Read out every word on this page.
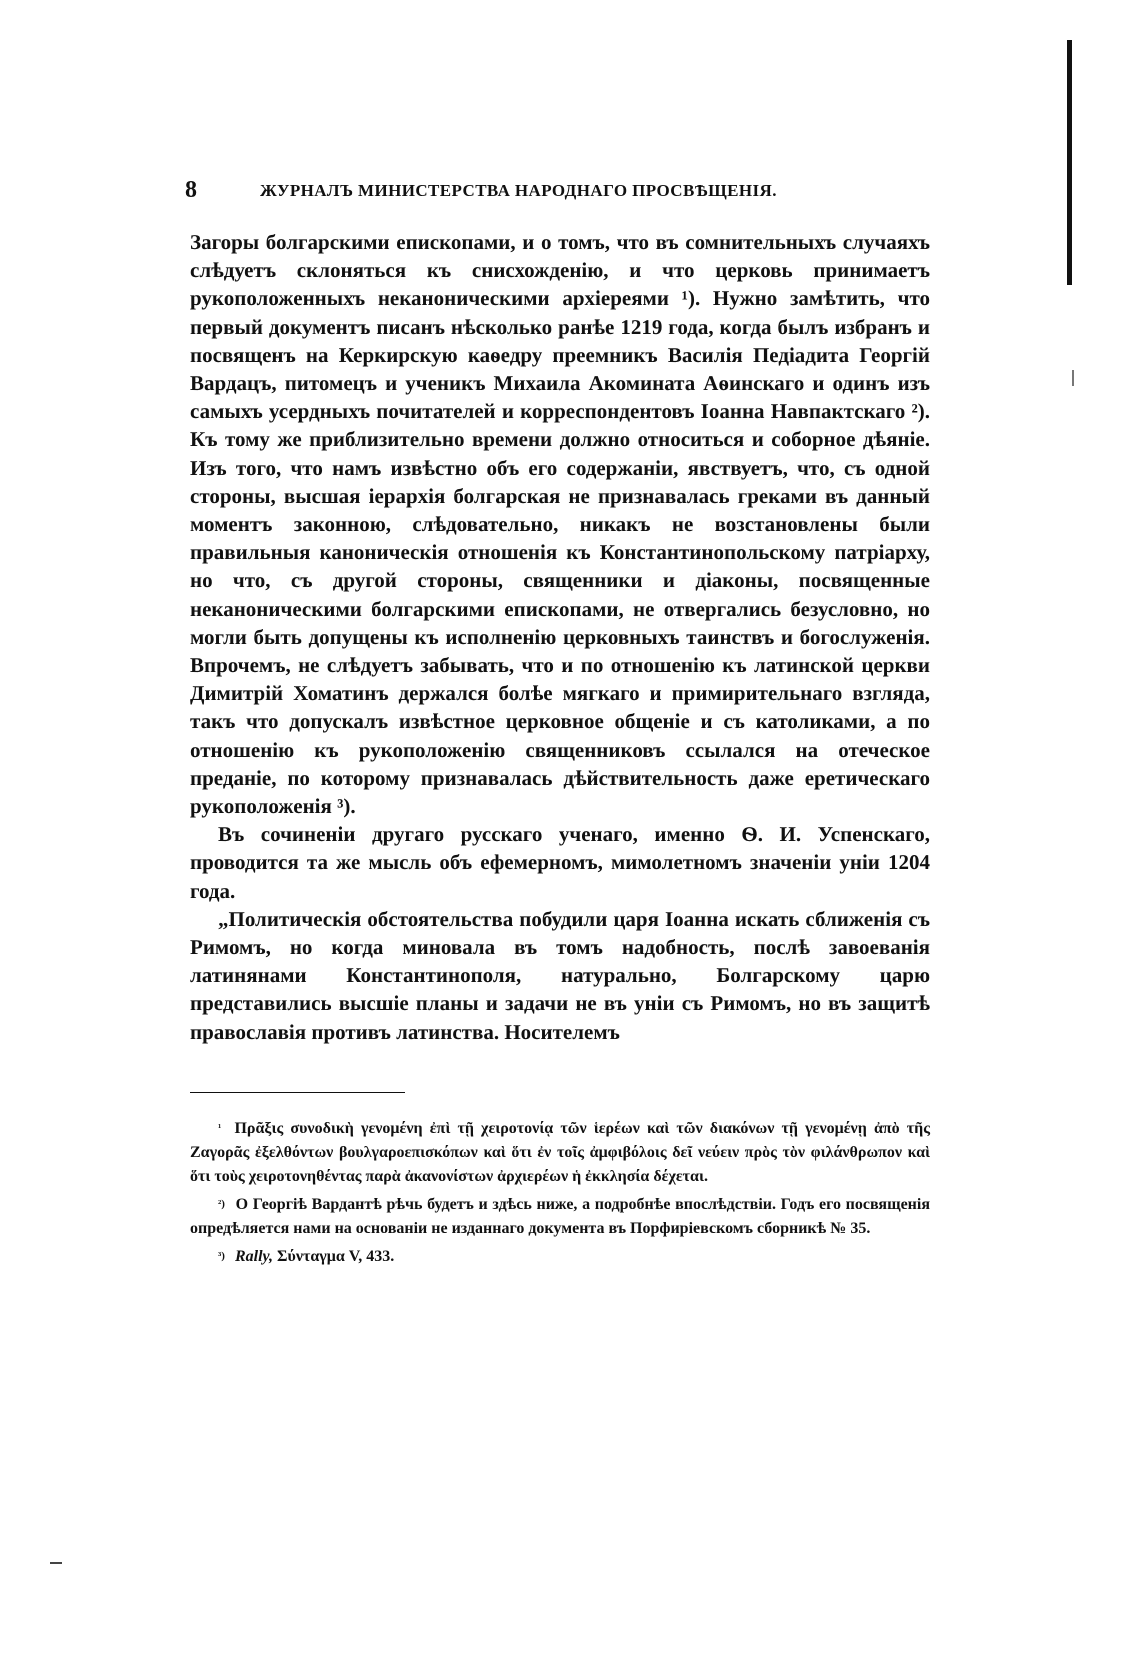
8	ЖУРНАЛЪ МИНИСТЕРСТВА НАРОДНАГО ПРОСВѢЩЕНІЯ.

Загоры болгарскими епископами, и о томъ, что въ сомнительныхъ случаяхъ слѣдуетъ склоняться къ снисхожденію, и что церковь принимаетъ рукоположенныхъ неканоническими архіереями ¹). Нужно замѣтить, что первый документъ писанъ нѣсколько ранѣе 1219 года, когда былъ избранъ и посвященъ на Керкирскую каѳедру преемникъ Василія Педіадита Георгій Вардацъ, питомецъ и ученикъ Михаила Акомината Аѳинскаго и одинъ изъ самыхъ усердныхъ почитателей и корреспондентовъ Іоанна Навпактскаго ²). Къ тому же приблизительно времени должно относиться и соборное дѣяніе. Изъ того, что намъ извѣстно объ его содержаніи, явствуетъ, что, съ одной стороны, высшая іерархія болгарская не признавалась греками въ данный моментъ законною, слѣдовательно, никакъ не возстановлены были правильныя каноническія отношенія къ Константинопольскому патріарху, но что, съ другой стороны, священники и діаконы, посвященные неканоническими болгарскими епископами, не отвергались безусловно, но могли быть допущены къ исполненію церковныхъ таинствъ и богослуженія. Впрочемъ, не слѣдуетъ забывать, что и по отношенію къ латинской церкви Димитрій Хоматинъ держался болѣе мягкаго и примирительнаго взгляда, такъ что допускалъ извѣстное церковное общеніе и съ католиками, а по отношенію къ рукоположенію священниковъ ссылался на отеческое преданіе, по которому признавалась дѣйствительность даже еретическаго рукоположенія ³).

Въ сочиненіи другаго русскаго ученаго, именно Ѳ. И. Успенскаго, проводится та же мысль объ ефемерномъ, мимолетномъ значеніи уніи 1204 года.

„Политическія обстоятельства побудили царя Іоанна искать сближенія съ Римомъ, но когда миновала въ томъ надобность, послѣ завоеванія латинянами Константинополя, натурально, Болгарскому царю представились высшіе планы и задачи не въ уніи съ Римомъ, но въ защитѣ православія противъ латинства. Носителемъ

$^{^1}$ Πρᾶξις συνοδικὴ γενομένη ἐπὶ τῇ χειροτονίᾳ τῶν ἱερέων καὶ τῶν διακόνων τῇ γενομένῃ ἀπὸ τῆς Ζαγορᾶς ἐξελθόντων βουλγαροεπισκόπων καὶ ὅτι ἐν τοῖς ἀμφιβόλοις δεῖ νεύειν πρὸς τὸν φιλάνθρωπον καὶ ὅτι τοὺς χειροτονηθέντας παρὰ ἀκανονίστων ἀρχιερέων ἡ ἐκκλησία δέχεται.

$^{^2)}$ О Георгіѣ Вардантѣ рѣчь будетъ и здѣсь ниже, а подробнѣе впослѣдствіи. Годъ его посвященія опредѣляется нами на основаніи не изданнаго документа въ Порфиріевскомъ сборникѣ № 35.

$^{^3)}$ Rally, Σύνταγμα V, 433.
